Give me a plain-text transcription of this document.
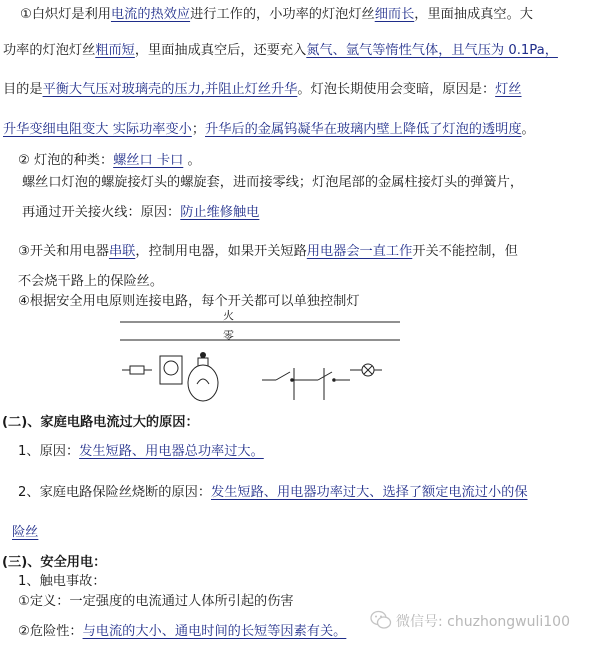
①白炽灯是利用电流的热效应进行工作的，小功率的灯泡灯丝细而长，里面抽成真空。大
功率的灯泡灯丝粗而短，里面抽成真空后，还要充入氮气、氩气等惰性气体，且气压为 0.1Pa，
目的是平衡大气压对玻璃壳的压力,并阻止灯丝升华。灯泡长期使用会变暗，原因是：灯丝
升华变细电阻变大 实际功率变小；升华后的金属钨凝华在玻璃内壁上降低了灯泡的透明度。
② 灯泡的种类：螺丝口 卡口 。
螺丝口灯泡的螺旋接灯头的螺旋套，进而接零线；灯泡尾部的金属柱接灯头的弹簧片，
再通过开关接火线：原因：防止维修触电
③开关和用电器串联，控制用电器，如果开关短路用电器会一直工作开关不能控制，但
不会烧干路上的保险丝。
④根据安全用电原则连接电路，每个开关都可以单独控制灯
火
零
(二)、家庭电路电流过大的原因：
1、原因：发生短路、用电器总功率过大。
2、家庭电路保险丝烧断的原因：发生短路、用电器功率过大、选择了额定电流过小的保
险丝
(三)、安全用电：
1、触电事故：
①定义：一定强度的电流通过人体所引起的伤害
②危险性：与电流的大小、通电时间的长短等因素有关。
微信号: chuzhongwuli100
